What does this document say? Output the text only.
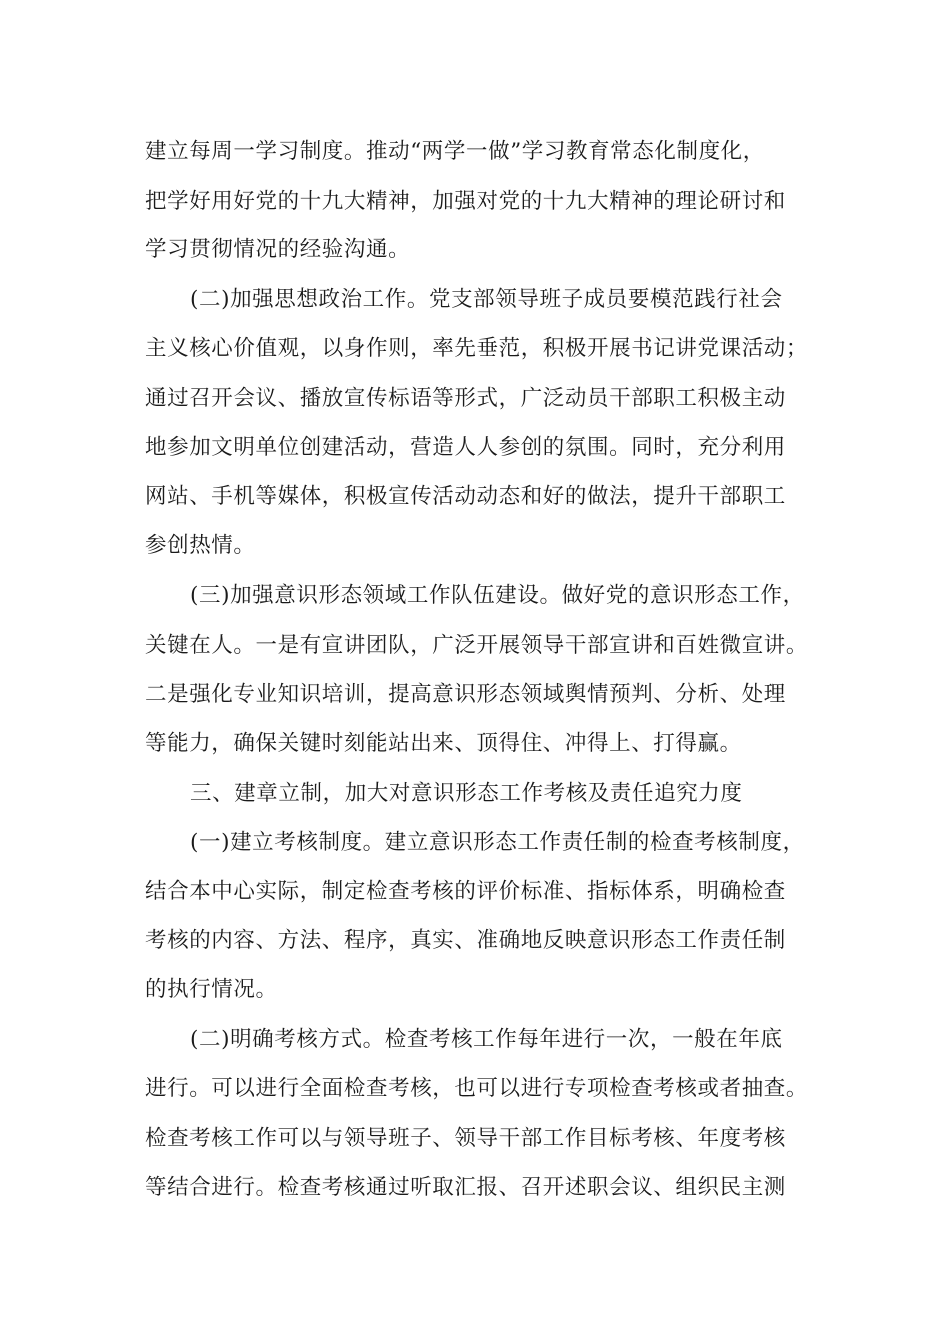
建立每周一学习制度。推动“两学一做”学习教育常态化制度化，
把学好用好党的十九大精神，加强对党的十九大精神的理论研讨和
学习贯彻情况的经验沟通。
(二)加强思想政治工作。党支部领导班子成员要模范践行社会
主义核心价值观，以身作则，率先垂范，积极开展书记讲党课活动；
通过召开会议、播放宣传标语等形式，广泛动员干部职工积极主动
地参加文明单位创建活动，营造人人参创的氛围。同时，充分利用
网站、手机等媒体，积极宣传活动动态和好的做法，提升干部职工
参创热情。
(三)加强意识形态领域工作队伍建设。做好党的意识形态工作，
关键在人。一是有宣讲团队，广泛开展领导干部宣讲和百姓微宣讲。
二是强化专业知识培训，提高意识形态领域舆情预判、分析、处理
等能力，确保关键时刻能站出来、顶得住、冲得上、打得赢。
三、建章立制，加大对意识形态工作考核及责任追究力度
(一)建立考核制度。建立意识形态工作责任制的检查考核制度，
结合本中心实际，制定检查考核的评价标准、指标体系，明确检查
考核的内容、方法、程序，真实、准确地反映意识形态工作责任制
的执行情况。
(二)明确考核方式。检查考核工作每年进行一次，一般在年底
进行。可以进行全面检查考核，也可以进行专项检查考核或者抽查。
检查考核工作可以与领导班子、领导干部工作目标考核、年度考核
等结合进行。检查考核通过听取汇报、召开述职会议、组织民主测
